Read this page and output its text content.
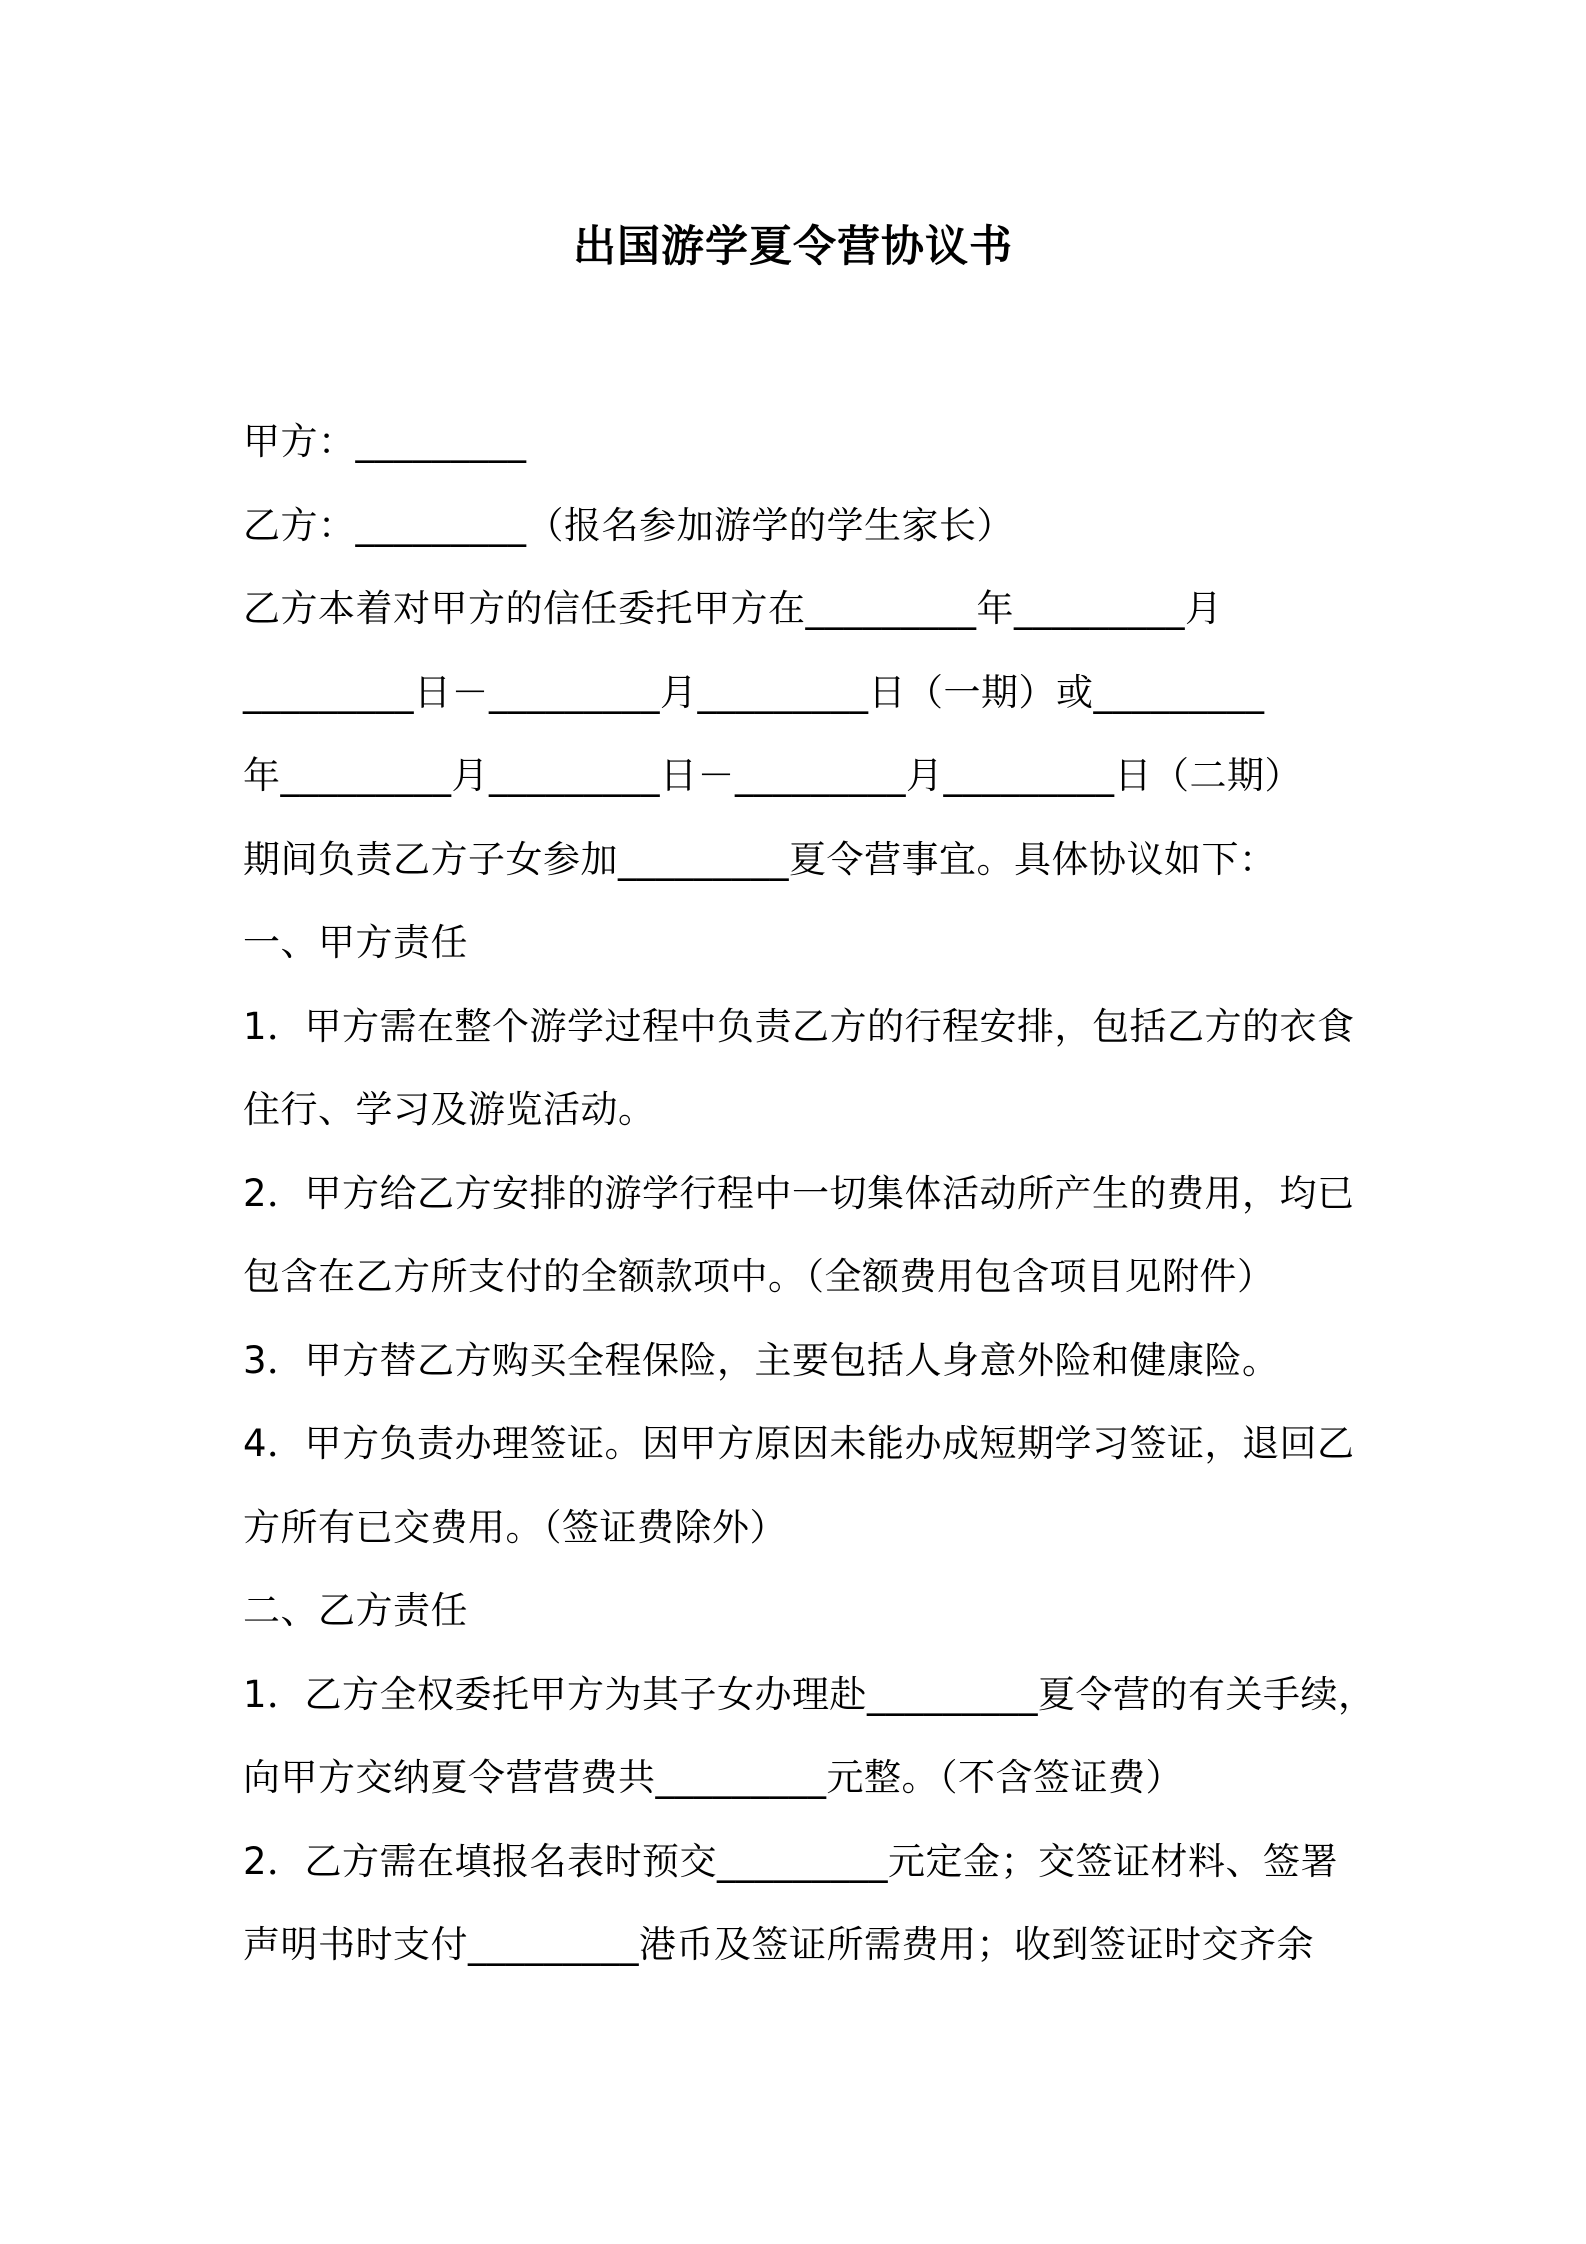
出国游学夏令营协议书
甲方：_________
乙方：_________（报名参加游学的学生家长）
乙方本着对甲方的信任委托甲方在_________年_________月
_________日－_________月_________日（一期）或_________
年_________月_________日－_________月_________日（二期）
期间负责乙方子女参加_________夏令营事宜。具体协议如下：
一、甲方责任
1．甲方需在整个游学过程中负责乙方的行程安排，包括乙方的衣食
住行、学习及游览活动。
2．甲方给乙方安排的游学行程中一切集体活动所产生的费用，均已
包含在乙方所支付的全额款项中。（全额费用包含项目见附件）
3．甲方替乙方购买全程保险，主要包括人身意外险和健康险。
4．甲方负责办理签证。因甲方原因未能办成短期学习签证，退回乙
方所有已交费用。（签证费除外）
二、乙方责任
1．乙方全权委托甲方为其子女办理赴_________夏令营的有关手续，
向甲方交纳夏令营营费共_________元整。（不含签证费）
2．乙方需在填报名表时预交_________元定金；交签证材料、签署
声明书时支付_________港币及签证所需费用；收到签证时交齐余
